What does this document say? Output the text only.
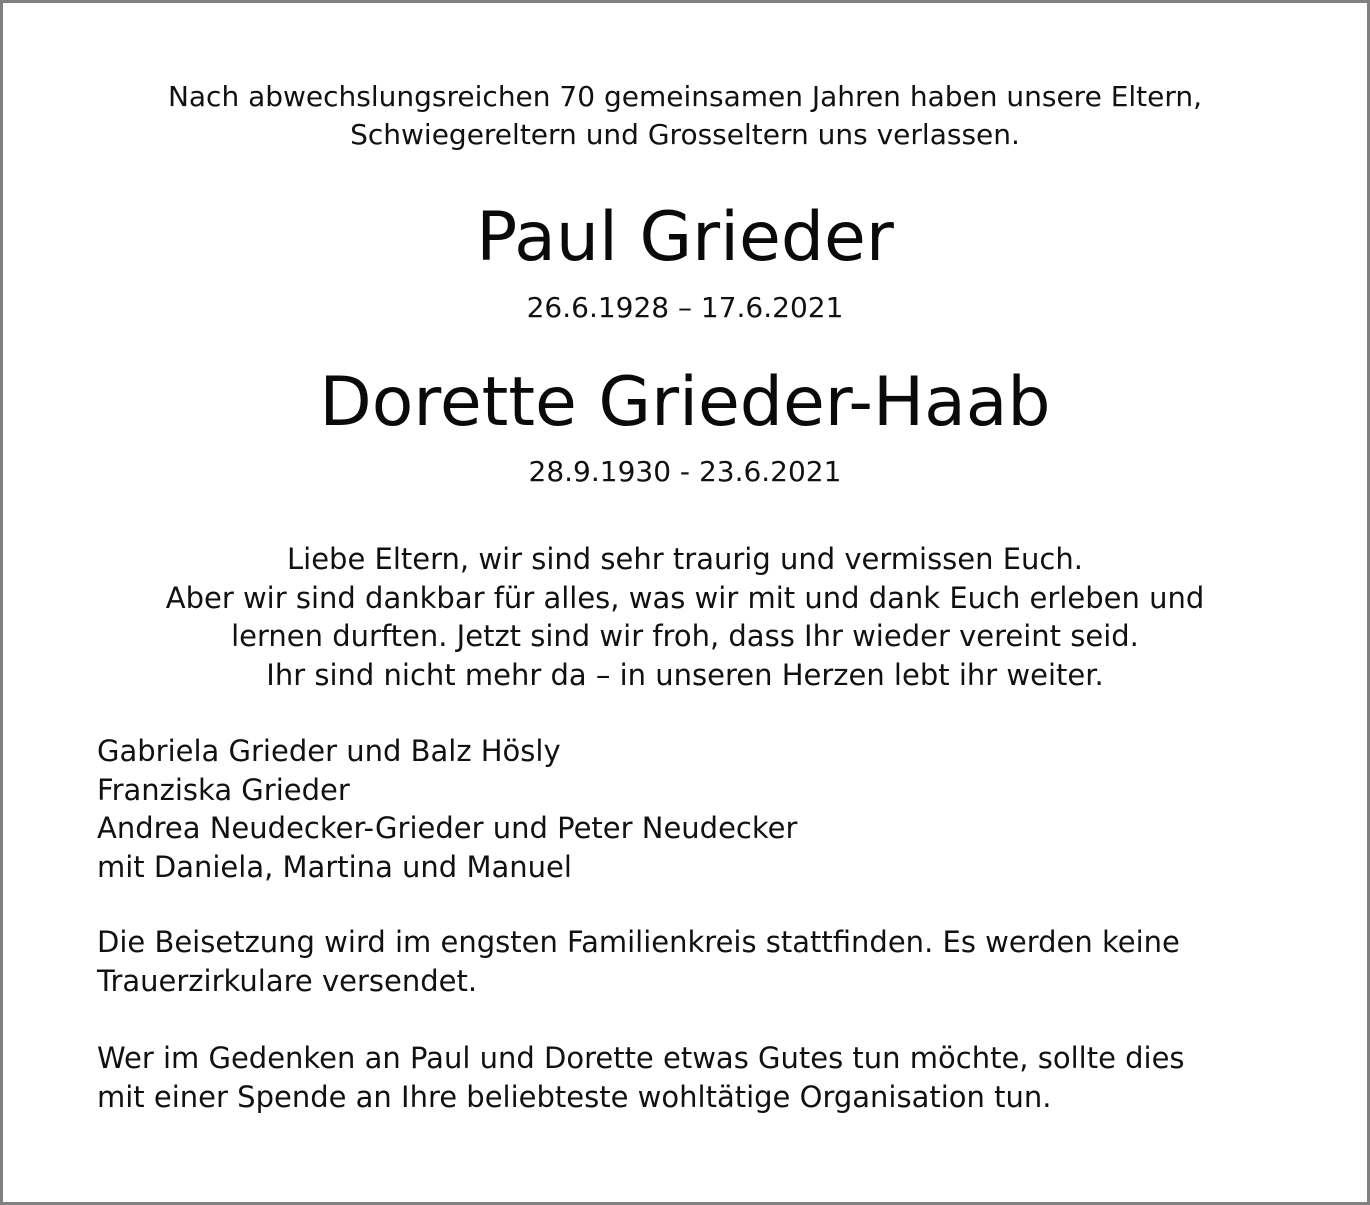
Nach abwechslungsreichen 70 gemeinsamen Jahren haben unsere Eltern,
Schwiegereltern und Grosseltern uns verlassen.
Paul Grieder
26.6.1928 – 17.6.2021
Dorette Grieder-Haab
28.9.1930 - 23.6.2021
Liebe Eltern, wir sind sehr traurig und vermissen Euch.
Aber wir sind dankbar für alles, was wir mit und dank Euch erleben und
lernen durften. Jetzt sind wir froh, dass Ihr wieder vereint seid.
Ihr sind nicht mehr da – in unseren Herzen lebt ihr weiter.
Gabriela Grieder und Balz Hösly
Franziska Grieder
Andrea Neudecker-Grieder und Peter Neudecker
mit Daniela, Martina und Manuel
Die Beisetzung wird im engsten Familienkreis stattfinden. Es werden keine
Trauerzirkulare versendet.
Wer im Gedenken an Paul und Dorette etwas Gutes tun möchte, sollte dies
mit einer Spende an Ihre beliebteste wohltätige Organisation tun.
